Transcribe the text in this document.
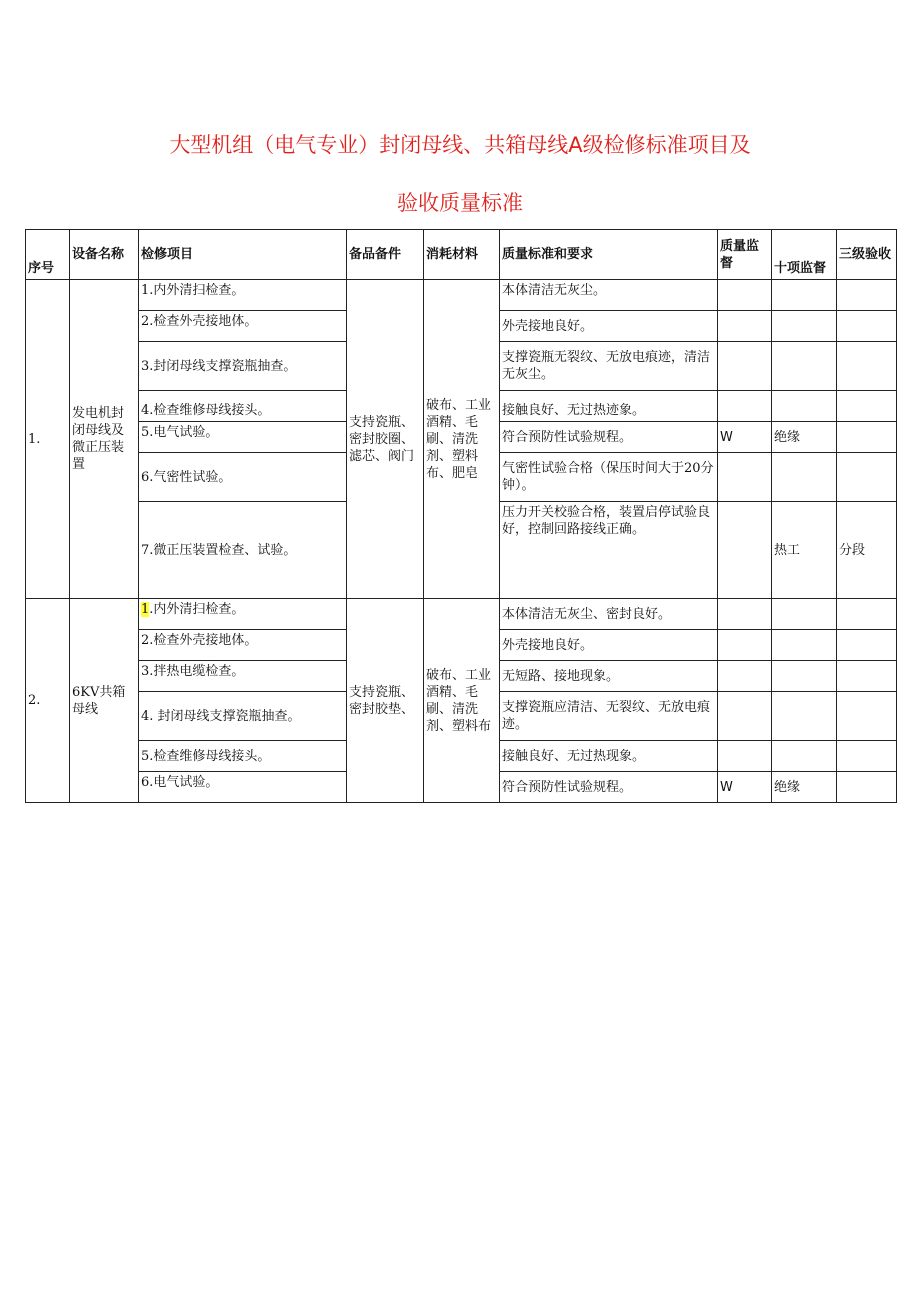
大型机组（电气专业）封闭母线、共箱母线A级检修标准项目及
验收质量标准
序号	设备名称	检修项目	备品备件	消耗材料	质量标准和要求	质量监督	十项监督	三级验收
1.	发电机封闭母线及微正压装置	1.内外清扫检查。	支持瓷瓶、密封胶圈、滤芯、阀门	破布、工业酒精、毛刷、清洗剂、塑料布、肥皂	本体清洁无灰尘。			
		2.检查外壳接地体。			外壳接地良好。			
		3.封闭母线支撑瓷瓶抽查。			支撑瓷瓶无裂纹、无放电痕迹，清洁无灰尘。			
		4.检查维修母线接头。			接触良好、无过热迹象。			
		5.电气试验。			符合预防性试验规程。	W	绝缘	
		6.气密性试验。			气密性试验合格（保压时间大于20分钟）。			
		7.微正压装置检查、试验。			压力开关校验合格，装置启停试验良好，控制回路接线正确。		热工	分段
2.	6KV共箱母线	1.内外清扫检查。	支持瓷瓶、密封胶垫、	破布、工业酒精、毛刷、清洗剂、塑料布	本体清洁无灰尘、密封良好。			
		2.检查外壳接地体。			外壳接地良好。			
		3.拌热电缆检查。			无短路、接地现象。			
		4. 封闭母线支撑瓷瓶抽查。			支撑瓷瓶应清洁、无裂纹、无放电痕迹。			
		5.检查维修母线接头。			接触良好、无过热现象。			
		6.电气试验。			符合预防性试验规程。	W	绝缘	
